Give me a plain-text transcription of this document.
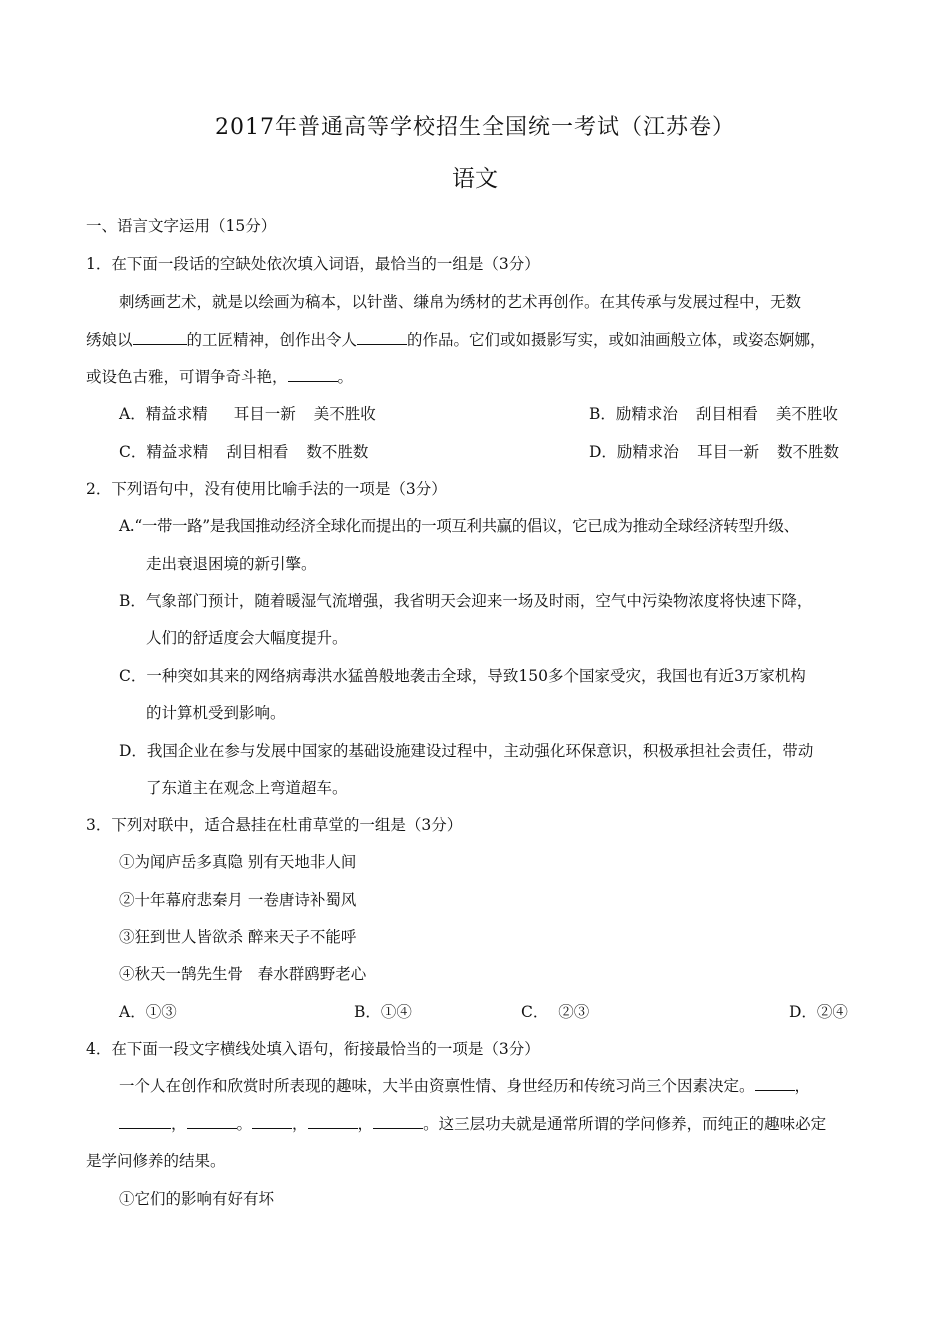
2017年普通高等学校招生全国统一考试（江苏卷）
语文
一、语言文字运用（15分）
1．在下面一段话的空缺处依次填入词语，最恰当的一组是（3分）
刺绣画艺术，就是以绘画为稿本，以针凿、缣帛为绣材的艺术再创作。在其传承与发展过程中，无数
绣娘以	的工匠精神，创作出令人	的作品。它们或如摄影写实，或如油画般立体，或姿态婀娜，
或设色古雅，可谓争奇斗艳，	。
A．精益求精 耳目一新 美不胜收	B．励精求治 刮目相看 美不胜收
C．精益求精 刮目相看 数不胜数	D．励精求治 耳目一新 数不胜数
2．下列语句中，没有使用比喻手法的一项是（3分）
A.“一带一路”是我国推动经济全球化而提出的一项互利共赢的倡议，它已成为推动全球经济转型升级、
走出衰退困境的新引擎。
B．气象部门预计，随着暖湿气流增强，我省明天会迎来一场及时雨，空气中污染物浓度将快速下降，
人们的舒适度会大幅度提升。
C．一种突如其来的网络病毒洪水猛兽般地袭击全球，导致150多个国家受灾，我国也有近3万家机构
的计算机受到影响。
D．我国企业在参与发展中国家的基础设施建设过程中，主动强化环保意识，积极承担社会责任，带动
了东道主在观念上弯道超车。
3．下列对联中，适合悬挂在杜甫草堂的一组是（3分）
①为闻庐岳多真隐 别有天地非人间
②十年幕府悲秦月 一卷唐诗补蜀风
③狂到世人皆欲杀 醉来天子不能呼
④秋天一鹄先生骨   春水群鸥野老心
A．①③	B．①④	C．  ②③	D．②④
4．在下面一段文字横线处填入语句，衔接最恰当的一项是（3分）
一个人在创作和欣赏时所表现的趣味，大半由资禀性情、身世经历和传统习尚三个因素决定。	，
，	。	，	，	。这三层功夫就是通常所谓的学问修养，而纯正的趣味必定
是学问修养的结果。
①它们的影响有好有坏
